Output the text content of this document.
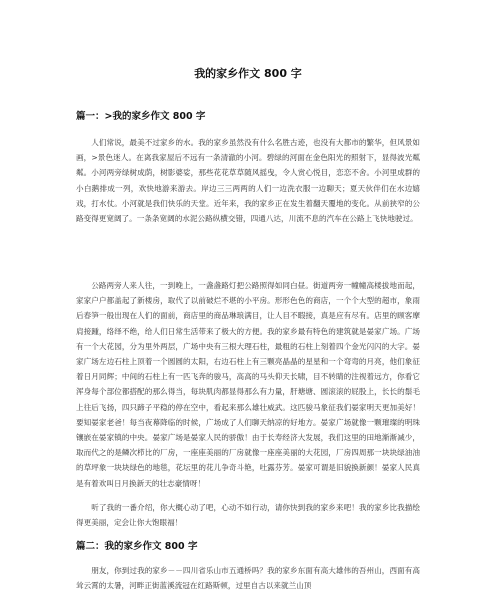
我的家乡作文 800 字
篇一：>我的家乡作文 800 字

人们常说，最美不过家乡的水。我的家乡虽然没有什么名胜古迹，也没有大都市的繁华，但风景如画，>景色迷人。在离我家屋后不远有一条清澈的小河。碧绿的河面在金色阳光的照射下，显得波光粼粼。小河两旁绿树成荫，树影婆娑，那些花花草草随风摇曳，令人赏心悦目，恋恋不舍。小河里成群的小白鹅排成一列，欢快地游来游去。岸边三三两两的人们一边洗衣服一边聊天；夏天伙伴们在水边嬉戏，打水仗。小河就是我们快乐的天堂。近年来，我的家乡正在发生着翻天覆地的变化。从前狭窄的公路变得更宽阔了。一条条宽阔的水泥公路纵横交错，四通八达，川流不息的汽车在公路上飞快地驶过。

公路两旁人来人往，一到晚上，一盏盏路灯把公路照得如同白昼。街道两旁一幢幢高楼拔地而起，家家户户都盖起了新楼房，取代了以前破烂不堪的小平房。形形色色的商店，一个个大型的超市，象雨后春笋一般出现在人们的面前，商店里的商品琳琅满目，让人目不暇接，真是应有尽有。店里的顾客摩肩接踵，络绎不绝，给人们日常生活带来了极大的方便。我的家乡最有特色的建筑就是晏家广场。广场有一个大花园，分为里外两层，广场中央有三根大理石柱，最粗的石柱上刻着四个金光闪闪的大字。晏家广场左边石柱上顶着一个圆圆的太阳，右边石柱上有三颗亮晶晶的星星和一个弯弯的月亮，他们象征着日月同辉；中间的石柱上有一匹飞奔的骏马，高高的马头仰天长啸，目不转睛的注视着远方，你看它浑身每个部位都搭配的那么得当，每块肌肉都显得那么有力量，肝塘塘、圆滚滚的屁股上，长长的鬃毛上往后飞扬，四只蹄子平稳的停在空中，看起来那么雄壮威武。这匹骏马象征我们晏家明天更加美好！要知晏家老爸！每当夜幕降临的时候，广场成了人们聊天纳凉的好地方。晏家广场就像一颗璀璨的明珠镶嵌在晏家镇的中央。晏家广场是晏家人民的骄傲！由于长寿经济大发展，我们这里的田地渐渐减少，取而代之的是鳞次栉比的厂房，一座座美丽的厂房就像一座座美丽的大花园，厂房四周那一块块绿油油的草坪象一块块绿色的地毯，花坛里的花儿争奇斗艳，吐露芬芳。晏家可谓是旧貌换新颜！晏家人民真是有着欢叫日月换新天的壮志豪情呀！

听了我的一番介绍，你大概心动了吧，心动不如行动，请你快到我的家乡来吧！我的家乡比我描绘得更美丽，定会让你大饱眼福！

篇二：我的家乡作文 800 字

朋友，你到过我的家乡－－四川省乐山市五通桥吗？我的家乡东面有高大雄伟的吾州山，西面有高耸云霄的太暑，河畔正街蓝溪流冠在红路斯顿，过里自古以来就兰山顶
